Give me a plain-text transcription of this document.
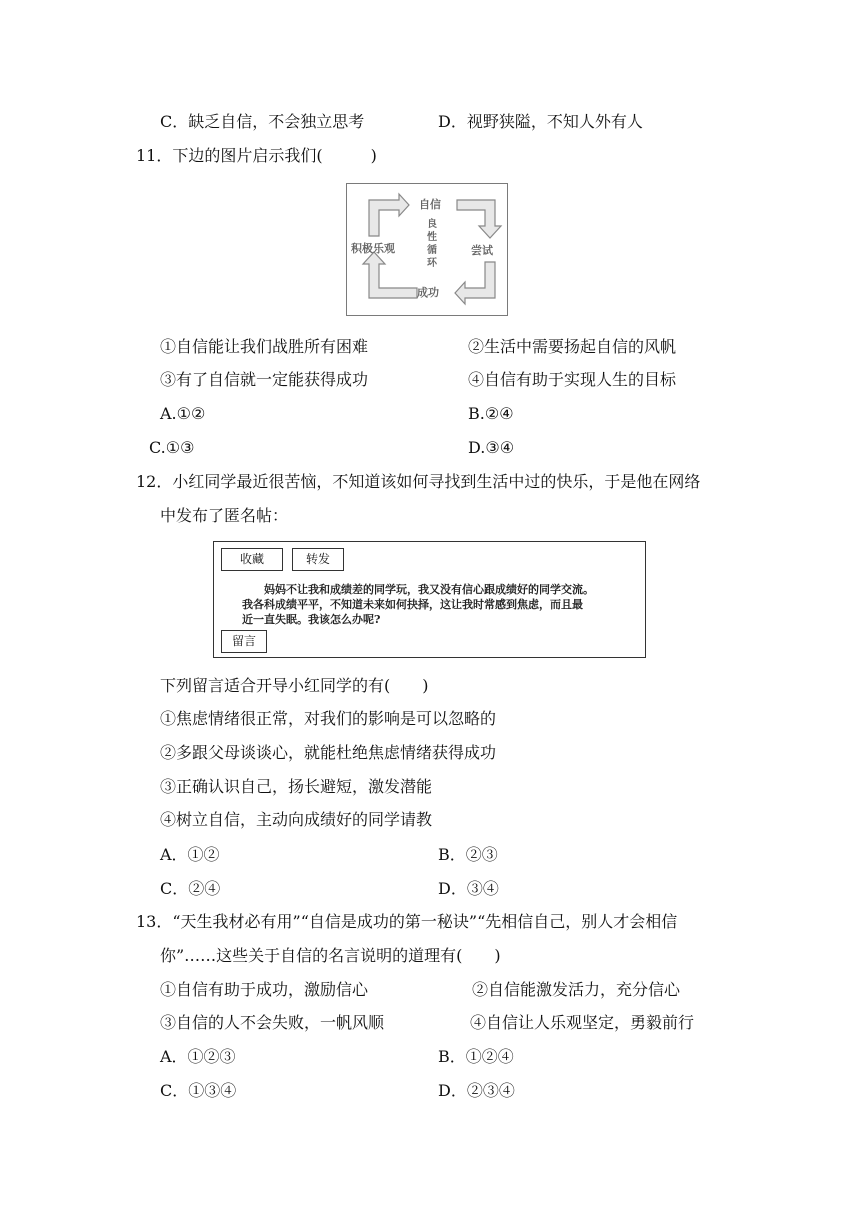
C．缺乏自信，不会独立思考	D．视野狭隘，不知人外有人
11．下边的图片启示我们(　　　)
自信
尝试
成功
积极乐观
良
性
循
环
①自信能让我们战胜所有困难	②生活中需要扬起自信的风帆
③有了自信就一定能获得成功	④自信有助于实现人生的目标
A.①②	B.②④
C.①③	D.③④
12．小红同学最近很苦恼，不知道该如何寻找到生活中过的快乐，于是他在网络
中发布了匿名帖：
收藏	转发
妈妈不让我和成绩差的同学玩，我又没有信心跟成绩好的同学交流。
我各科成绩平平，不知道未来如何抉择，这让我时常感到焦虑，而且最
近一直失眠。我该怎么办呢?
留言
下列留言适合开导小红同学的有(　　)
①焦虑情绪很正常，对我们的影响是可以忽略的
②多跟父母谈谈心，就能杜绝焦虑情绪获得成功
③正确认识自己，扬长避短，激发潜能
④树立自信，主动向成绩好的同学请教
A．①②	B．②③
C．②④	D．③④
13．“天生我材必有用”“自信是成功的第一秘诀”“先相信自己，别人才会相信
你”……这些关于自信的名言说明的道理有(　　)
①自信有助于成功，激励信心	②自信能激发活力，充分信心
③自信的人不会失败，一帆风顺	④自信让人乐观坚定，勇毅前行
A．①②③	B．①②④
C．①③④	D．②③④
